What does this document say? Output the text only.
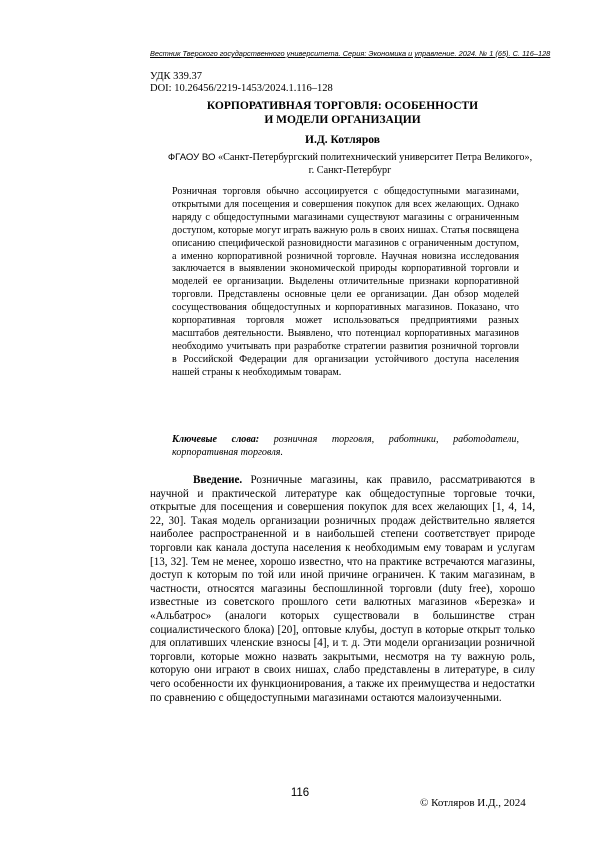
Вестник Тверского государственного университета. Серия: Экономика и управление. 2024. № 1 (65). С. 116–128
УДК 339.37
DOI: 10.26456/2219-1453/2024.1.116–128
КОРПОРАТИВНАЯ ТОРГОВЛЯ: ОСОБЕННОСТИ
И МОДЕЛИ ОРГАНИЗАЦИИ
И.Д. Котляров
ФГАОУ ВО «Санкт-Петербургский политехнический университет Петра Великого», г. Санкт-Петербург

Розничная торговля обычно ассоциируется с общедоступными магазинами, открытыми для посещения и совершения покупок для всех желающих. Однако наряду с общедоступными магазинами существуют магазины с ограниченным доступом, которые могут играть важную роль в своих нишах. Статья посвящена описанию специфической разновидности магазинов с ограниченным доступом, а именно корпоративной розничной торговле. Научная новизна исследования заключается в выявлении экономической природы корпоративной торговли и моделей ее организации. Выделены отличительные признаки корпоративной торговли. Представлены основные цели ее организации. Дан обзор моделей сосуществования общедоступных и корпоративных магазинов. Показано, что корпоративная торговля может использоваться предприятиями разных масштабов деятельности. Выявлено, что потенциал корпоративных магазинов необходимо учитывать при разработке стратегии развития розничной торговли в Российской Федерации для организации устойчивого доступа населения нашей страны к необходимым товарам.

Ключевые слова: розничная торговля, работники, работодатели, корпоративная торговля.

Введение. Розничные магазины, как правило, рассматриваются в научной и практической литературе как общедоступные торговые точки, открытые для посещения и совершения покупок для всех желающих [1, 4, 14, 22, 30]. Такая модель организации розничных продаж действительно является наиболее распространенной и в наибольшей степени соответствует природе торговли как канала доступа населения к необходимым ему товарам и услугам [13, 32]. Тем не менее, хорошо известно, что на практике встречаются магазины, доступ к которым по той или иной причине ограничен. К таким магазинам, в частности, относятся магазины беспошлинной торговли (duty free), хорошо известные из советского прошлого сети валютных магазинов «Березка» и «Альбатрос» (аналоги которых существовали в большинстве стран социалистического блока) [20], оптовые клубы, доступ в которые открыт только для оплативших членские взносы [4], и т. д. Эти модели организации розничной торговли, которые можно назвать закрытыми, несмотря на ту важную роль, которую они играют в своих нишах, слабо представлены в литературе, в силу чего особенности их функционирования, а также их преимущества и недостатки по сравнению с общедоступными магазинами остаются малоизученными.

116
© Котляров И.Д., 2024
